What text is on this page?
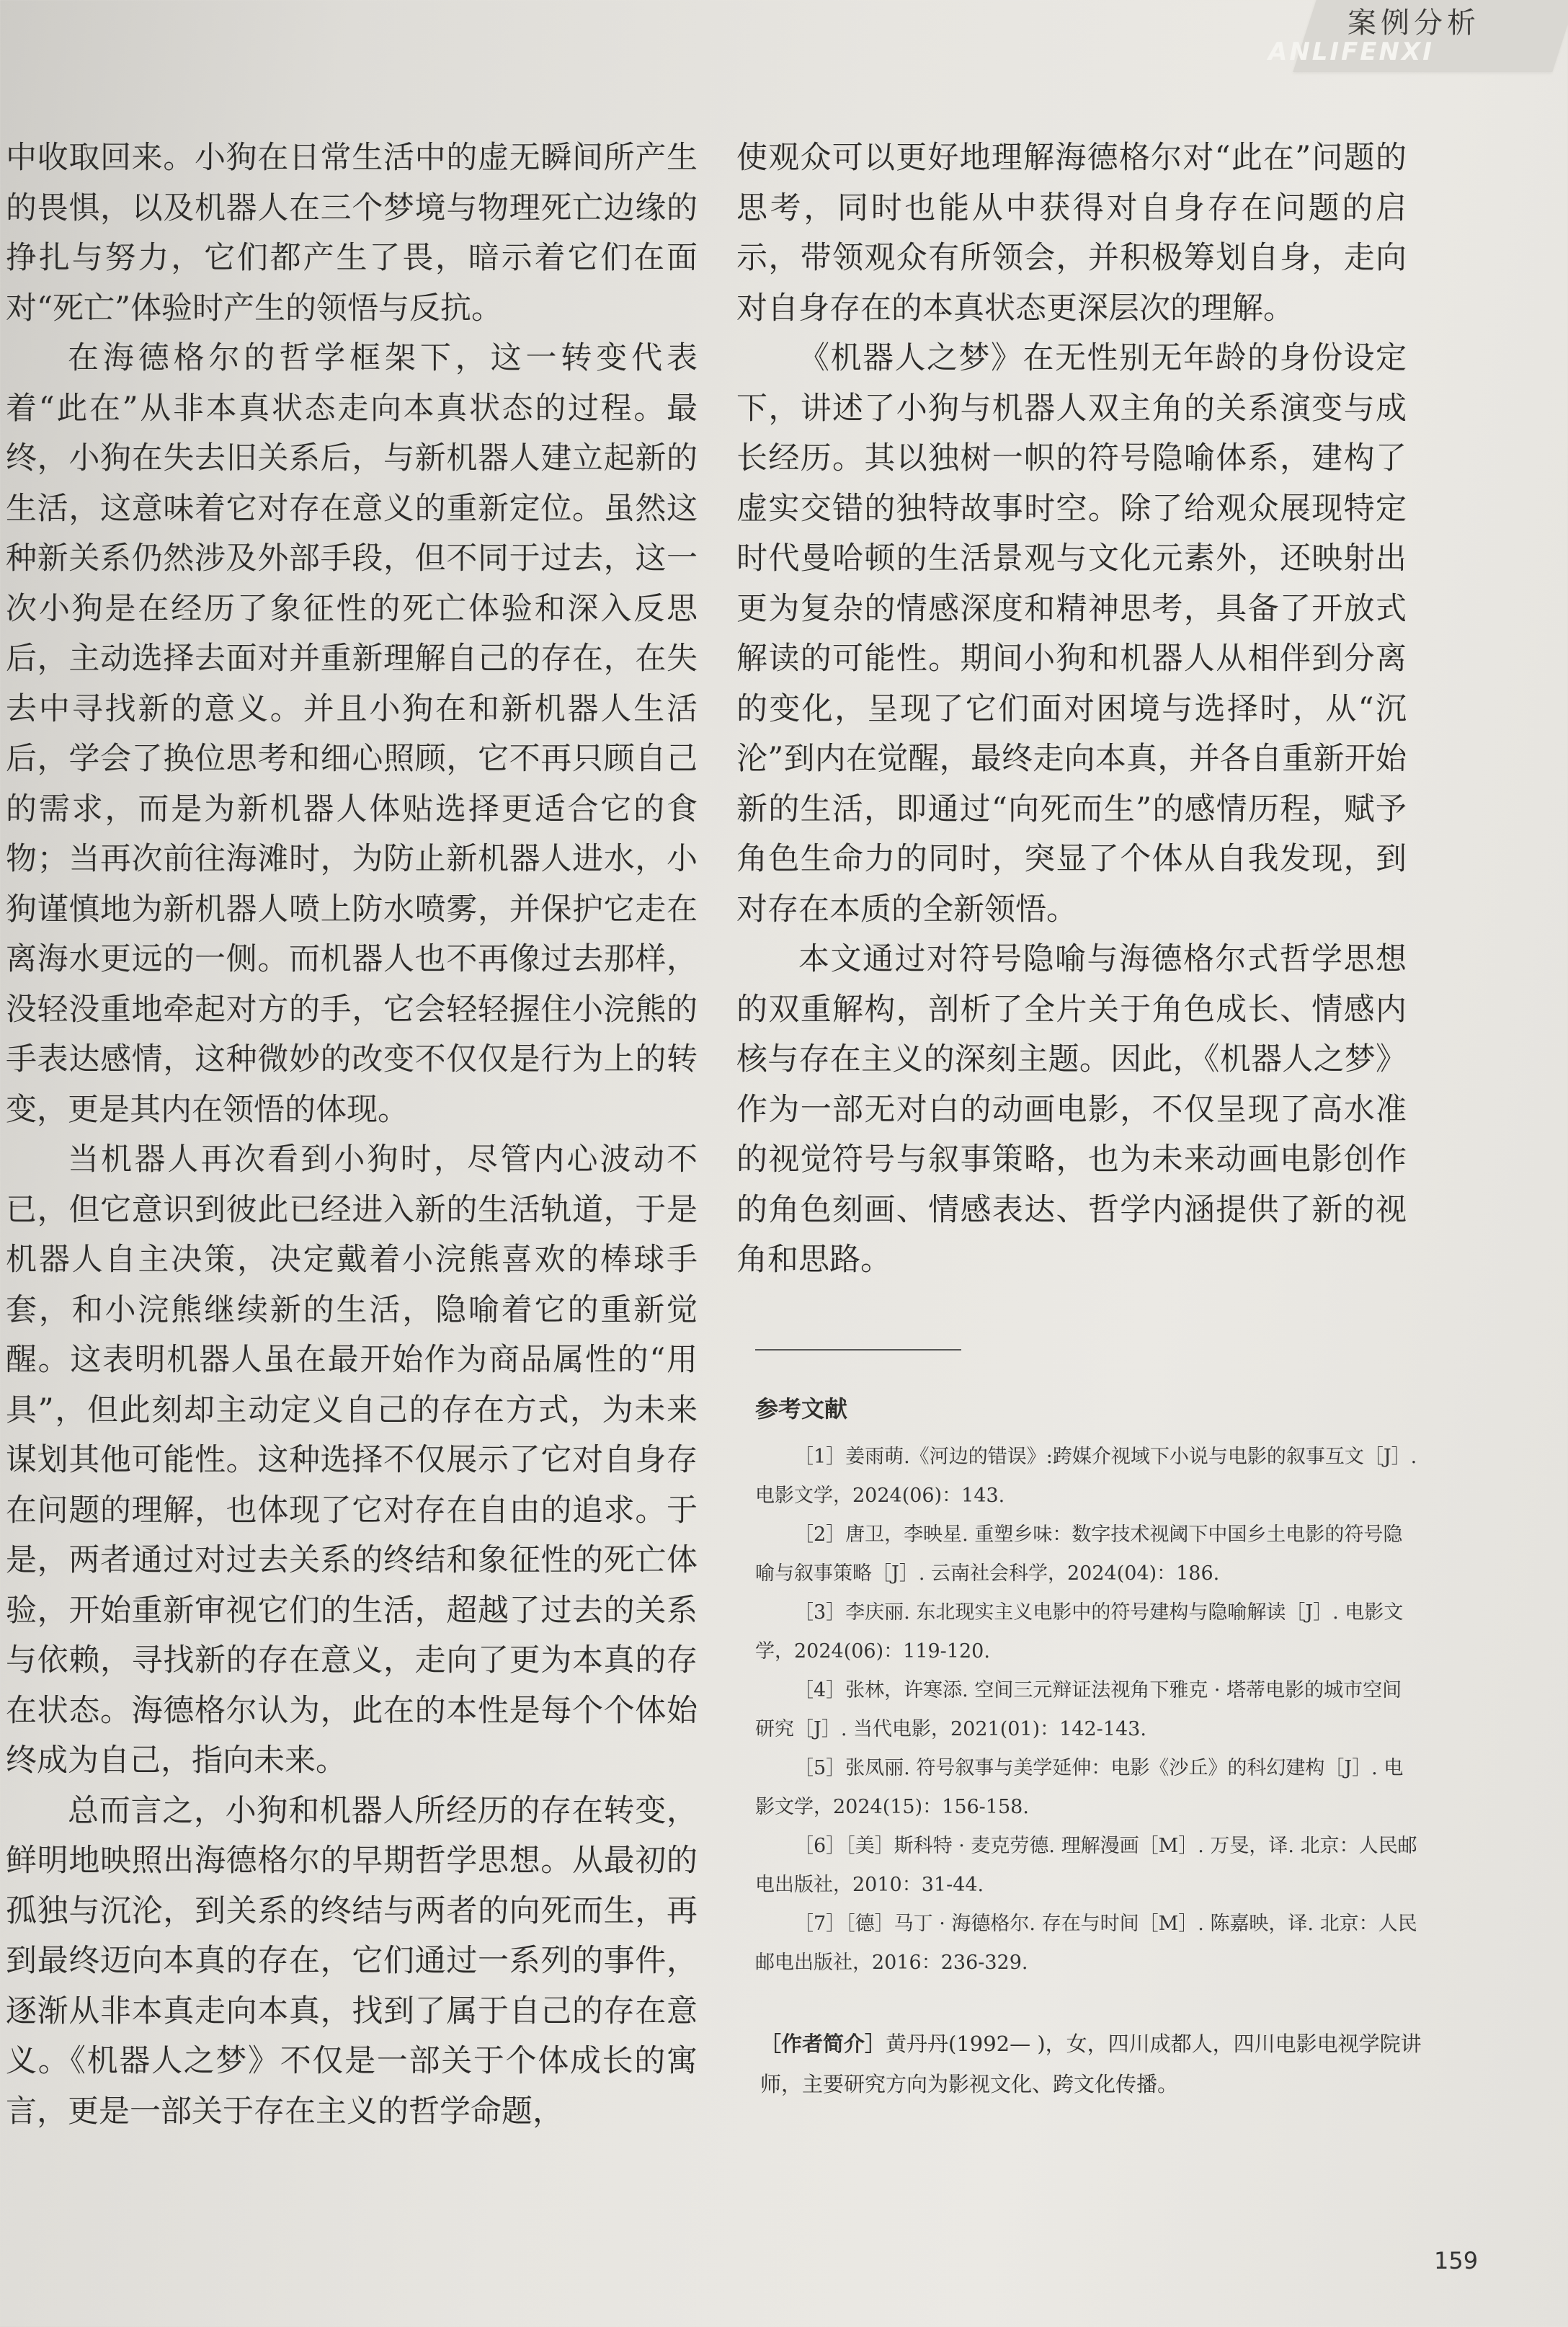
案例分析
ANLIFENXI

中收取回来。小狗在日常生活中的虚无瞬间所产生的畏惧，以及机器人在三个梦境与物理死亡边缘的挣扎与努力，它们都产生了畏，暗示着它们在面对“死亡”体验时产生的领悟与反抗。

在海德格尔的哲学框架下，这一转变代表着“此在”从非本真状态走向本真状态的过程。最终，小狗在失去旧关系后，与新机器人建立起新的生活，这意味着它对存在意义的重新定位。虽然这种新关系仍然涉及外部手段，但不同于过去，这一次小狗是在经历了象征性的死亡体验和深入反思后，主动选择去面对并重新理解自己的存在，在失去中寻找新的意义。并且小狗在和新机器人生活后，学会了换位思考和细心照顾，它不再只顾自己的需求，而是为新机器人体贴选择更适合它的食物；当再次前往海滩时，为防止新机器人进水，小狗谨慎地为新机器人喷上防水喷雾，并保护它走在离海水更远的一侧。而机器人也不再像过去那样，没轻没重地牵起对方的手，它会轻轻握住小浣熊的手表达感情，这种微妙的改变不仅仅是行为上的转变，更是其内在领悟的体现。

当机器人再次看到小狗时，尽管内心波动不已，但它意识到彼此已经进入新的生活轨道，于是机器人自主决策，决定戴着小浣熊喜欢的棒球手套，和小浣熊继续新的生活，隐喻着它的重新觉醒。这表明机器人虽在最开始作为商品属性的“用具”，但此刻却主动定义自己的存在方式，为未来谋划其他可能性。这种选择不仅展示了它对自身存在问题的理解，也体现了它对存在自由的追求。于是，两者通过对过去关系的终结和象征性的死亡体验，开始重新审视它们的生活，超越了过去的关系与依赖，寻找新的存在意义，走向了更为本真的存在状态。海德格尔认为，此在的本性是每个个体始终成为自己，指向未来。

总而言之，小狗和机器人所经历的存在转变，鲜明地映照出海德格尔的早期哲学思想。从最初的孤独与沉沦，到关系的终结与两者的向死而生，再到最终迈向本真的存在，它们通过一系列的事件，逐渐从非本真走向本真，找到了属于自己的存在意义。《机器人之梦》不仅是一部关于个体成长的寓言，更是一部关于存在主义的哲学命题，

使观众可以更好地理解海德格尔对“此在”问题的思考，同时也能从中获得对自身存在问题的启示，带领观众有所领会，并积极筹划自身，走向对自身存在的本真状态更深层次的理解。

《机器人之梦》在无性别无年龄的身份设定下，讲述了小狗与机器人双主角的关系演变与成长经历。其以独树一帜的符号隐喻体系，建构了虚实交错的独特故事时空。除了给观众展现特定时代曼哈顿的生活景观与文化元素外，还映射出更为复杂的情感深度和精神思考，具备了开放式解读的可能性。期间小狗和机器人从相伴到分离的变化，呈现了它们面对困境与选择时，从“沉沦”到内在觉醒，最终走向本真，并各自重新开始新的生活，即通过“向死而生”的感情历程，赋予角色生命力的同时，突显了个体从自我发现，到对存在本质的全新领悟。

本文通过对符号隐喻与海德格尔式哲学思想的双重解构，剖析了全片关于角色成长、情感内核与存在主义的深刻主题。因此，《机器人之梦》作为一部无对白的动画电影，不仅呈现了高水准的视觉符号与叙事策略，也为未来动画电影创作的角色刻画、情感表达、哲学内涵提供了新的视角和思路。

参考文献

［1］姜雨萌.《河边的错误》:跨媒介视域下小说与电影的叙事互文［J］. 电影文学，2024(06)：143.

［2］唐卫，李映星. 重塑乡味：数字技术视阈下中国乡土电影的符号隐喻与叙事策略［J］. 云南社会科学，2024(04)：186.

［3］李庆丽. 东北现实主义电影中的符号建构与隐喻解读［J］. 电影文学，2024(06)：119-120.

［4］张林，许寒添. 空间三元辩证法视角下雅克 · 塔蒂电影的城市空间研究［J］. 当代电影，2021(01)：142-143.

［5］张凤丽. 符号叙事与美学延伸：电影《沙丘》的科幻建构［J］. 电影文学，2024(15)：156-158.

［6］［美］斯科特 · 麦克劳德. 理解漫画［M］. 万旻，译. 北京：人民邮电出版社，2010：31-44.

［7］［德］马丁 · 海德格尔. 存在与时间［M］. 陈嘉映，译. 北京：人民邮电出版社，2016：236-329.

［作者简介］黄丹丹(1992— )，女，四川成都人，四川电影电视学院讲师，主要研究方向为影视文化、跨文化传播。
159
